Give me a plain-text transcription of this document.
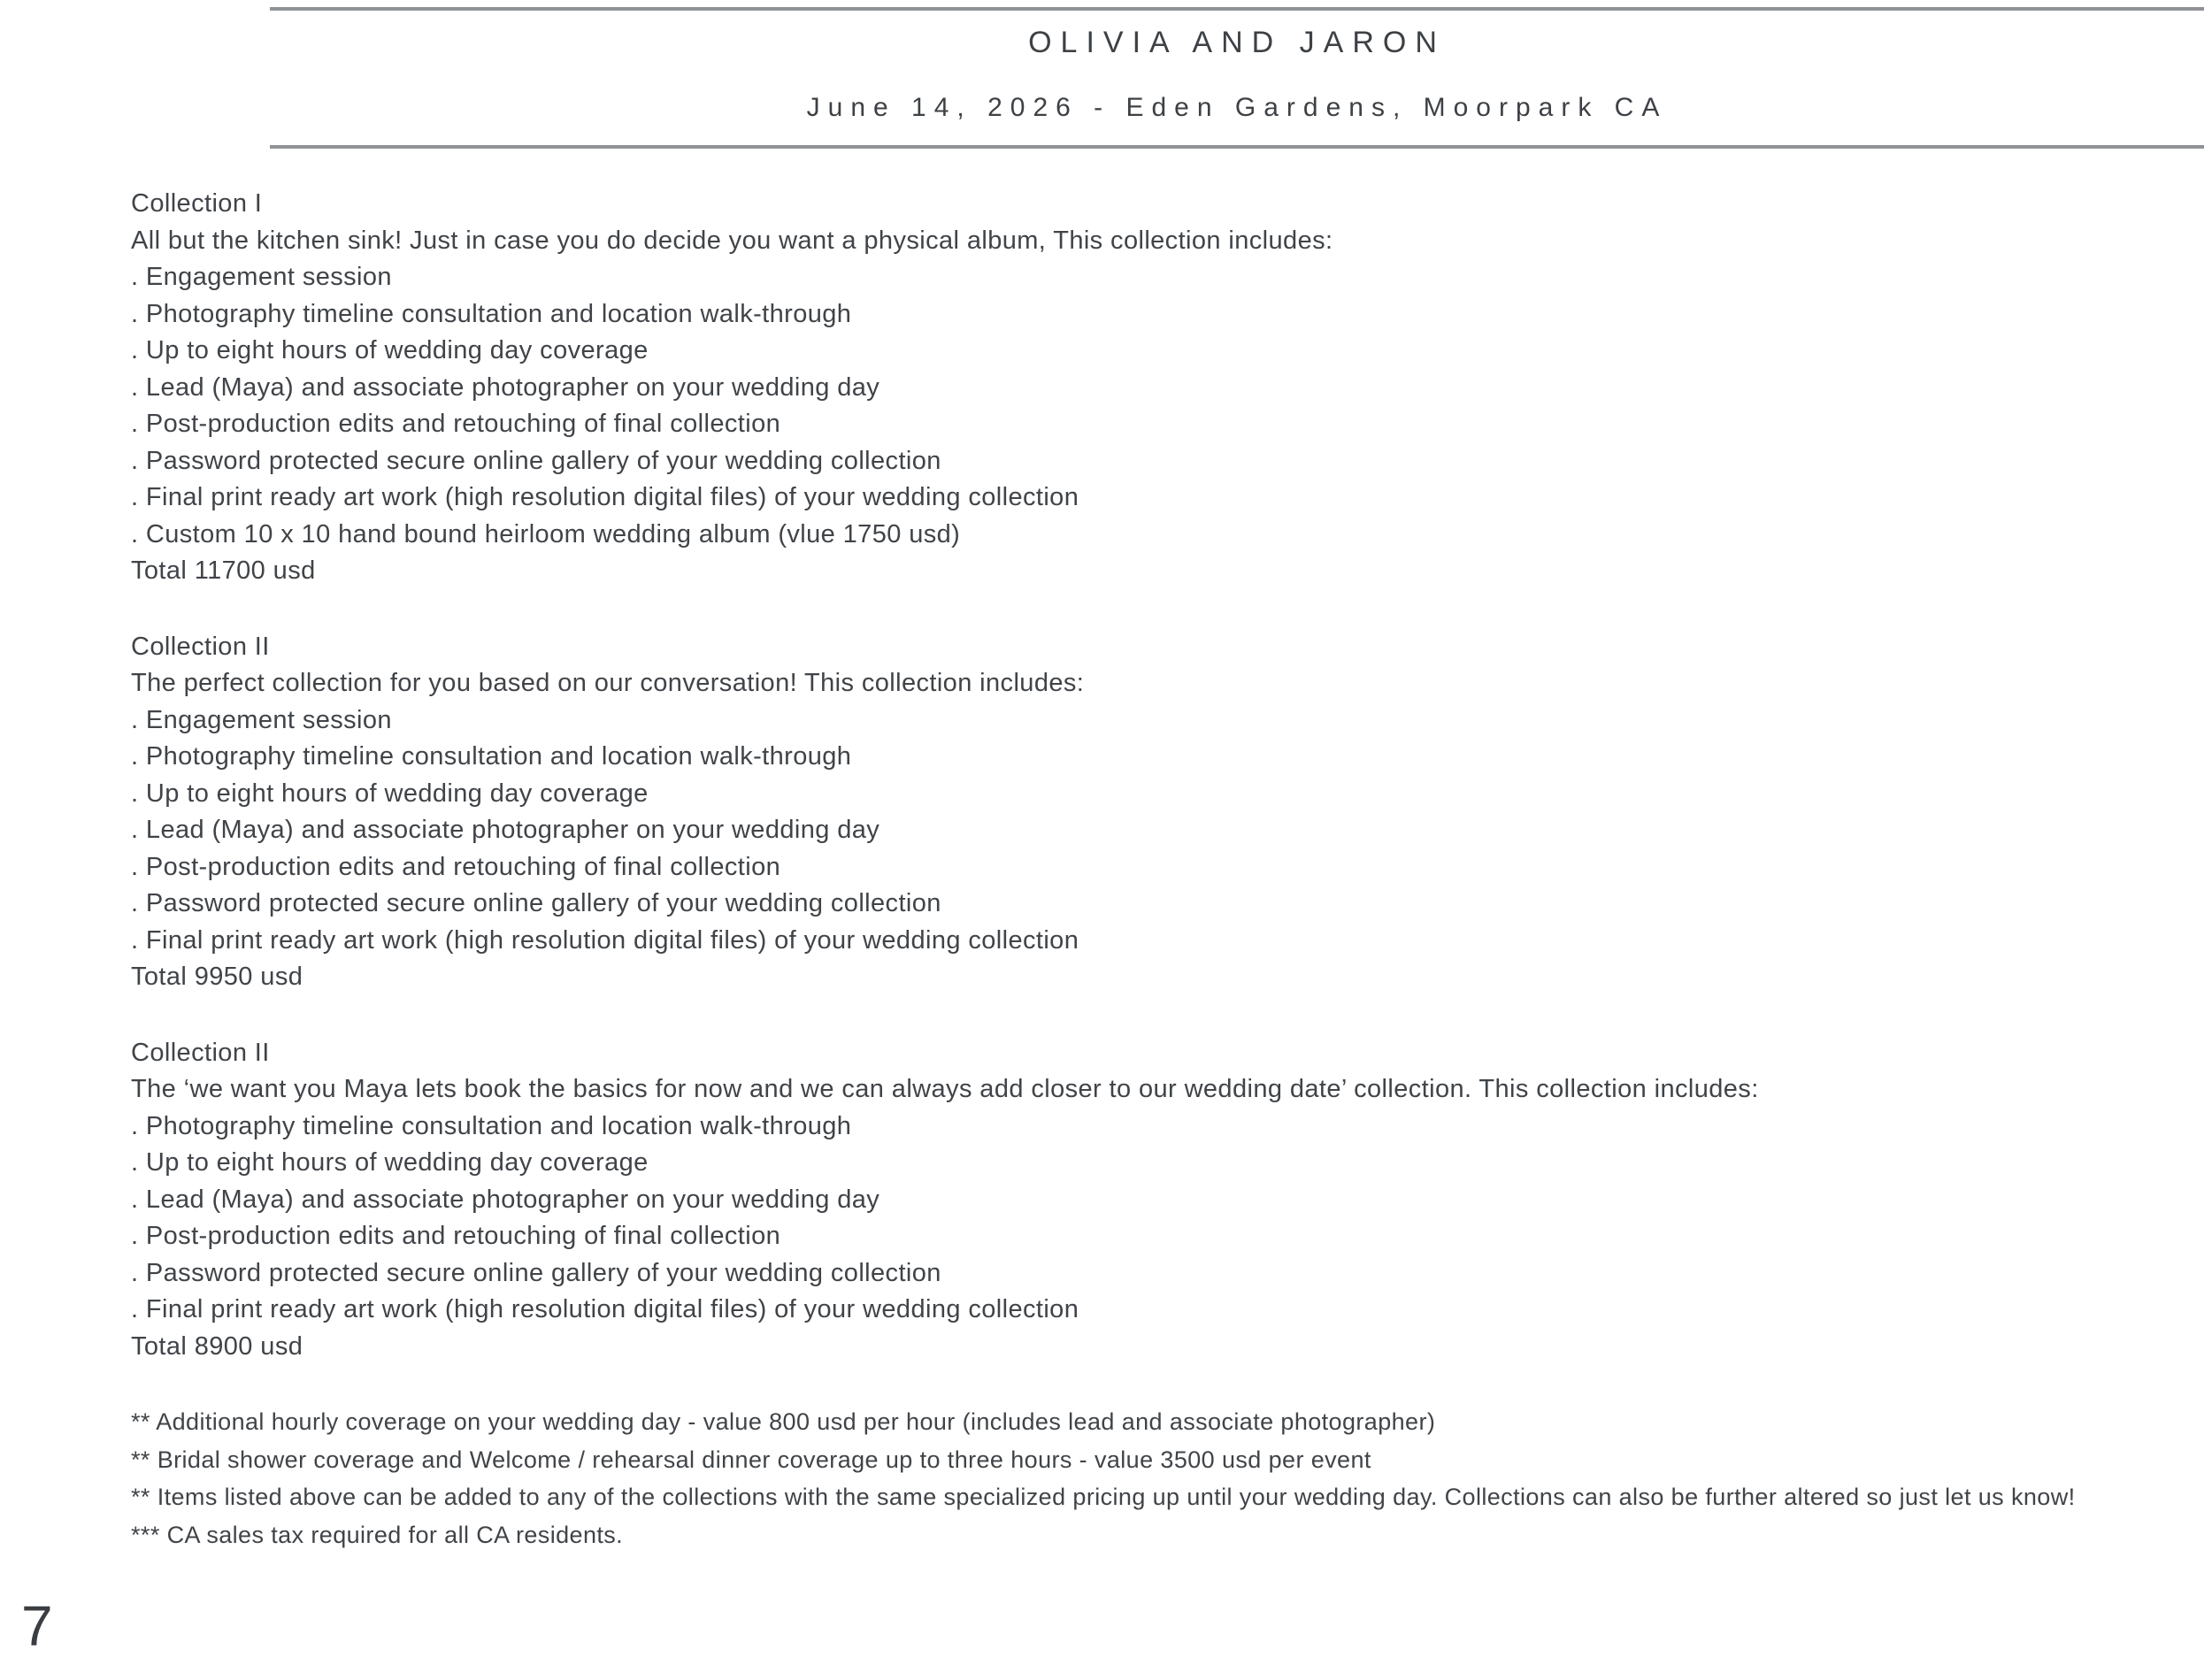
OLIVIA AND JARON
June 14, 2026 - Eden Gardens, Moorpark CA
Collection I
All but the kitchen sink! Just in case you do decide you want a physical album, This collection includes:
. Engagement session
. Photography timeline consultation and location walk-through
. Up to eight hours of wedding day coverage
. Lead (Maya) and associate photographer on your wedding day
. Post-production edits and retouching of final collection
. Password protected secure online gallery of your wedding collection
. Final print ready art work (high resolution digital files) of your wedding collection
. Custom 10 x 10 hand bound heirloom wedding album (vlue 1750 usd)
Total 11700 usd
Collection II
The perfect collection for you based on our conversation! This collection includes:
. Engagement session
. Photography timeline consultation and location walk-through
. Up to eight hours of wedding day coverage
. Lead (Maya) and associate photographer on your wedding day
. Post-production edits and retouching of final collection
. Password protected secure online gallery of your wedding collection
. Final print ready art work (high resolution digital files) of your wedding collection
Total 9950 usd
Collection II
The ‘we want you Maya lets book the basics for now and we can always add closer to our wedding date’ collection. This collection includes:
. Photography timeline consultation and location walk-through
. Up to eight hours of wedding day coverage
. Lead (Maya) and associate photographer on your wedding day
. Post-production edits and retouching of final collection
. Password protected secure online gallery of your wedding collection
. Final print ready art work (high resolution digital files) of your wedding collection
Total 8900 usd
** Additional hourly coverage on your wedding day - value 800 usd per hour (includes lead and associate photographer)
** Bridal shower coverage and Welcome / rehearsal dinner coverage up to three hours - value 3500 usd per event
** Items listed above can be added to any of the collections with the same specialized pricing up until your wedding day. Collections can also be further altered so just let us know!
*** CA sales tax required for all CA residents.
7
